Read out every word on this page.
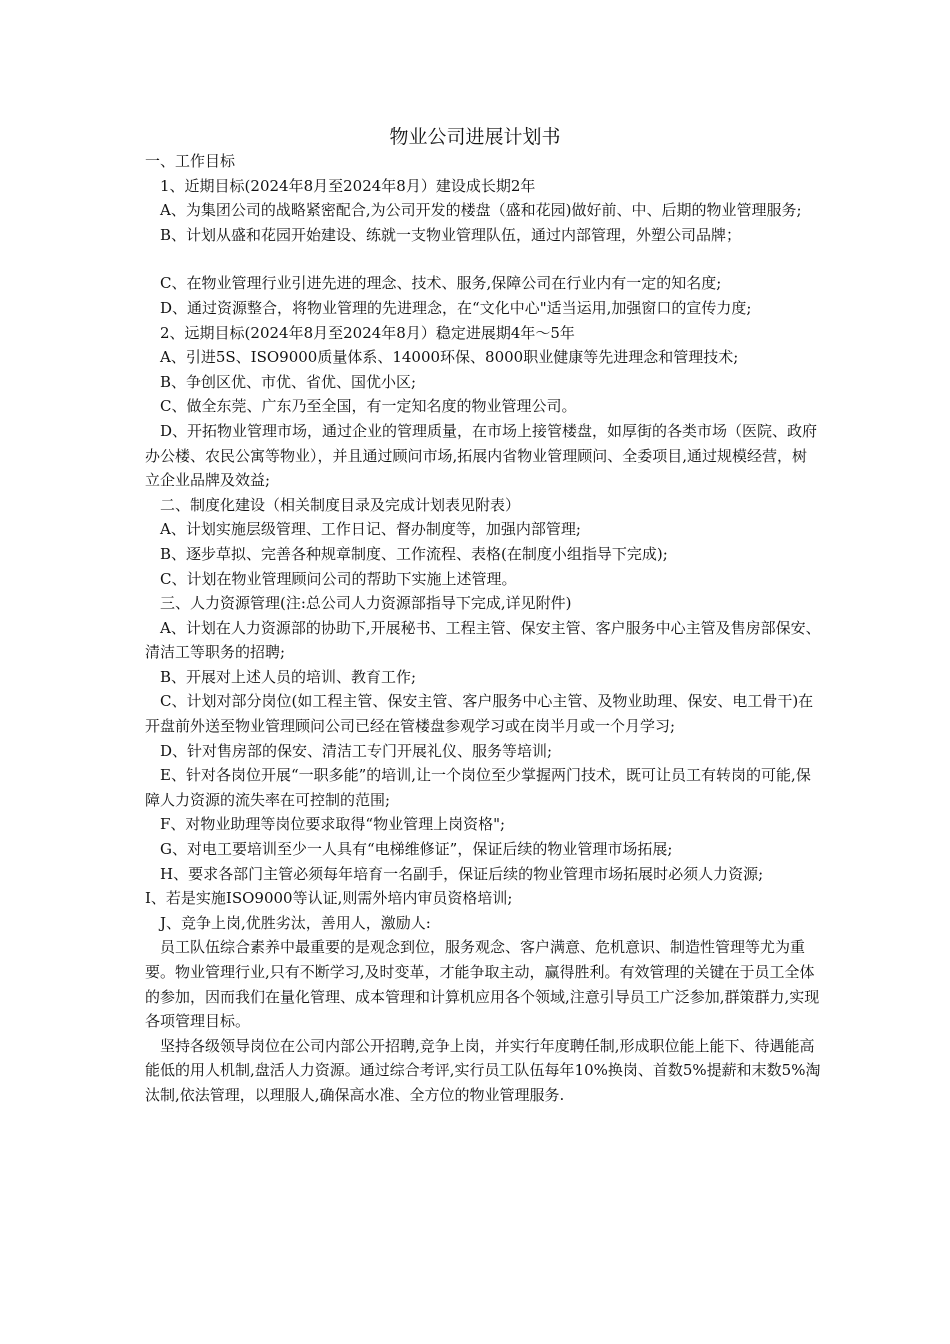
物业公司进展计划书

一、工作目标

1、近期目标(2024年8月至2024年8月）建设成长期2年

A、为集团公司的战略紧密配合,为公司开发的楼盘（盛和花园)做好前、中、后期的物业管理服务;

B、计划从盛和花园开始建设、练就一支物业管理队伍，通过内部管理，外塑公司品牌；

C、在物业管理行业引进先进的理念、技术、服务,保障公司在行业内有一定的知名度;

D、通过资源整合，将物业管理的先进理念，在“文化中心"适当运用,加强窗口的宣传力度;

2、远期目标(2024年8月至2024年8月）稳定进展期4年～5年

A、引进5S、ISO9000质量体系、14000环保、8000职业健康等先进理念和管理技术;

B、争创区优、市优、省优、国优小区;

C、做全东莞、广东乃至全国，有一定知名度的物业管理公司。

D、开拓物业管理市场，通过企业的管理质量，在市场上接管楼盘，如厚街的各类市场（医院、政府办公楼、农民公寓等物业），并且通过顾问市场,拓展内省物业管理顾问、全委项目,通过规模经营，树立企业品牌及效益;

二、制度化建设（相关制度目录及完成计划表见附表）

A、计划实施层级管理、工作日记、督办制度等，加强内部管理;

B、逐步草拟、完善各种规章制度、工作流程、表格(在制度小组指导下完成);

C、计划在物业管理顾问公司的帮助下实施上述管理。

三、人力资源管理(注:总公司人力资源部指导下完成,详见附件)

A、计划在人力资源部的协助下,开展秘书、工程主管、保安主管、客户服务中心主管及售房部保安、清洁工等职务的招聘;

B、开展对上述人员的培训、教育工作;

C、计划对部分岗位(如工程主管、保安主管、客户服务中心主管、及物业助理、保安、电工骨干)在开盘前外送至物业管理顾问公司已经在管楼盘参观学习或在岗半月或一个月学习;

D、针对售房部的保安、清洁工专门开展礼仪、服务等培训;

E、针对各岗位开展“一职多能”的培训,让一个岗位至少掌握两门技术，既可让员工有转岗的可能,保障人力资源的流失率在可控制的范围;

F、对物业助理等岗位要求取得“物业管理上岗资格";

G、对电工要培训至少一人具有“电梯维修证”，保证后续的物业管理市场拓展;

H、要求各部门主管必须每年培育一名副手，保证后续的物业管理市场拓展时必须人力资源;

I、若是实施ISO9000等认证,则需外培内审员资格培训;

J、竞争上岗,优胜劣汰，善用人，激励人:

员工队伍综合素养中最重要的是观念到位，服务观念、客户满意、危机意识、制造性管理等尤为重要。物业管理行业,只有不断学习,及时变革，才能争取主动，赢得胜利。有效管理的关键在于员工全体的参加，因而我们在量化管理、成本管理和计算机应用各个领域,注意引导员工广泛参加,群策群力,实现各项管理目标。

坚持各级领导岗位在公司内部公开招聘,竞争上岗，并实行年度聘任制,形成职位能上能下、待遇能高能低的用人机制,盘活人力资源。通过综合考评,实行员工队伍每年10%换岗、首数5%提薪和末数5%淘汰制,依法管理，以理服人,确保高水准、全方位的物业管理服务.
